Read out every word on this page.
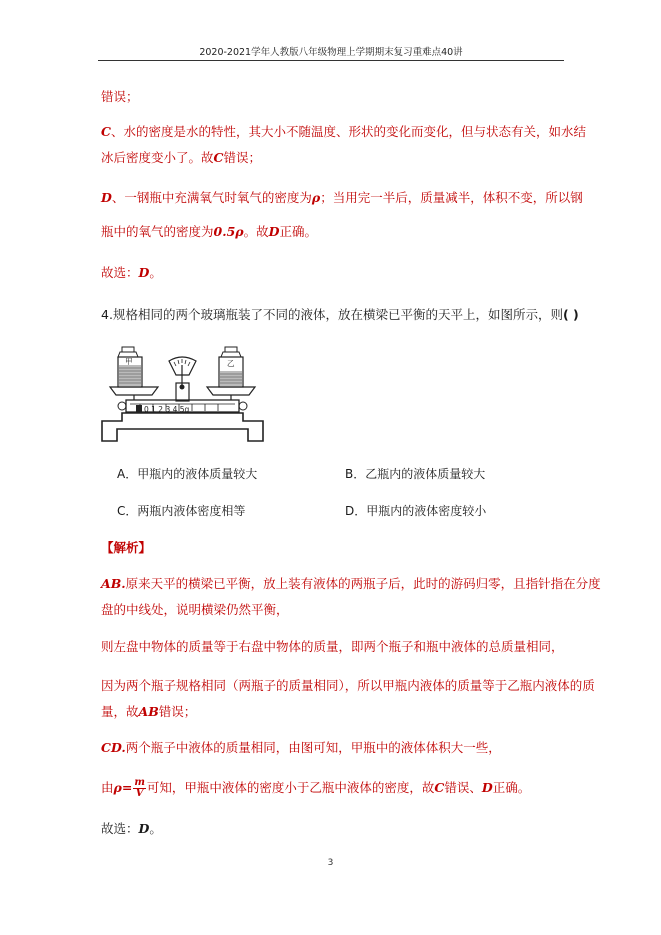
2020-2021学年人教版八年级物理上学期期末复习重难点40讲
错误；
C、水的密度是水的特性，其大小不随温度、形状的变化而变化，但与状态有关，如水结
冰后密度变小了。故C错误；
D、一钢瓶中充满氧气时氧气的密度为ρ；当用完一半后，质量减半，体积不变，所以钢
瓶中的氧气的密度为0.5ρ。故D正确。
故选：D。
4.规格相同的两个玻璃瓶装了不同的液体，放在横梁已平衡的天平上，如图所示，则( )
0 1 2 3 4 5g
甲	乙
A．甲瓶内的液体质量较大	B．乙瓶内的液体质量较大
C．两瓶内液体密度相等	D．甲瓶内的液体密度较小
【解析】
AB.原来天平的横梁已平衡，放上装有液体的两瓶子后，此时的游码归零，且指针指在分度
盘的中线处，说明横梁仍然平衡，
则左盘中物体的质量等于右盘中物体的质量，即两个瓶子和瓶中液体的总质量相同，
因为两个瓶子规格相同（两瓶子的质量相同），所以甲瓶内液体的质量等于乙瓶内液体的质
量，故AB错误；
CD.两个瓶子中液体的质量相同，由图可知，甲瓶中的液体体积大一些，
由$\rho= \frac{m}{V}$ 可知，甲瓶中液体的密度小于乙瓶中液体的密度，故C错误、D正确。
故选：D。
3
